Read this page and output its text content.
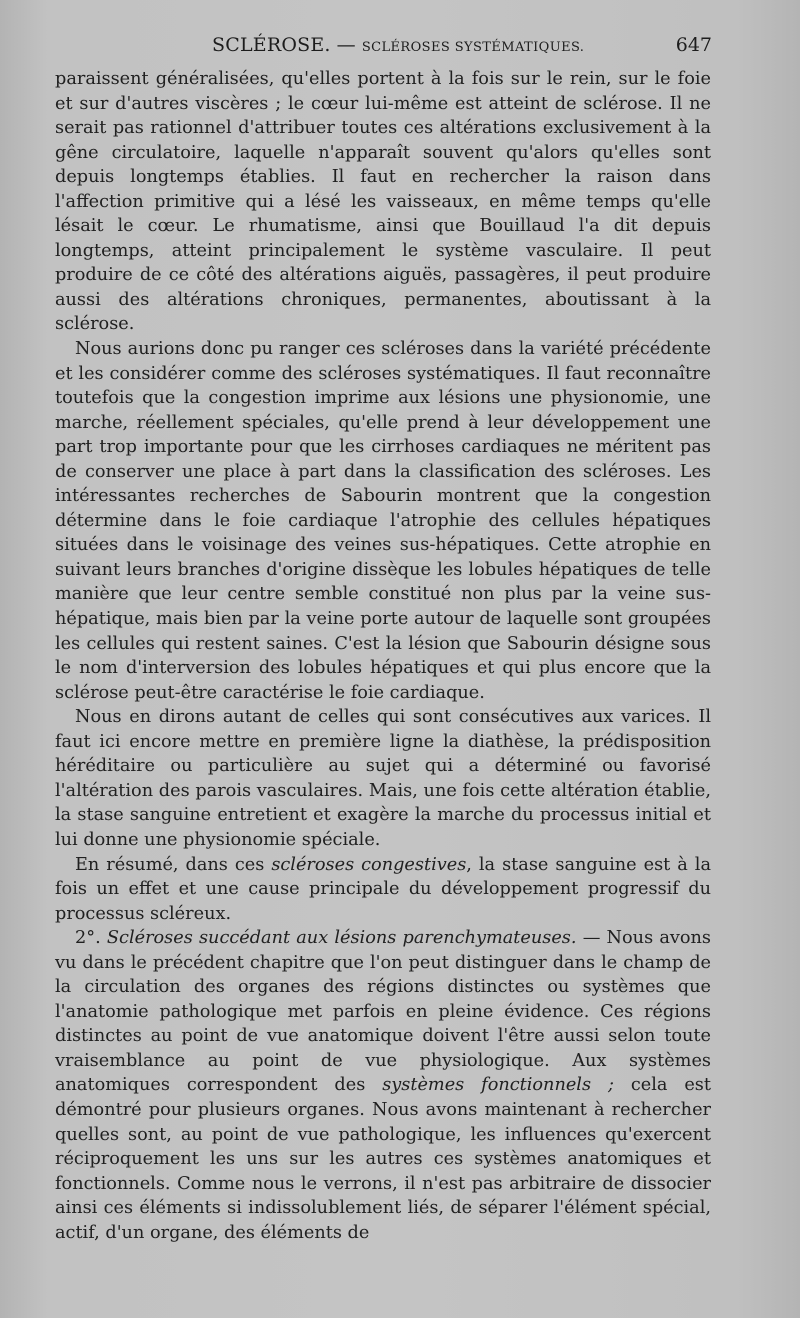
SCLÉROSE. — SCLÉROSES SYSTÉMATIQUES.	647

paraissent généralisées, qu'elles portent à la fois sur le rein, sur le foie et sur d'autres viscères ; le cœur lui-même est atteint de sclérose. Il ne serait pas rationnel d'attribuer toutes ces altérations exclusivement à la gêne circulatoire, laquelle n'apparaît souvent qu'alors qu'elles sont depuis longtemps établies. Il faut en rechercher la raison dans l'affection primitive qui a lésé les vaisseaux, en même temps qu'elle lésait le cœur. Le rhumatisme, ainsi que Bouillaud l'a dit depuis longtemps, atteint principalement le système vasculaire. Il peut produire de ce côté des altérations aiguës, passagères, il peut produire aussi des altérations chroniques, permanentes, aboutissant à la sclérose.

Nous aurions donc pu ranger ces scléroses dans la variété précédente et les considérer comme des scléroses systématiques. Il faut reconnaître toutefois que la congestion imprime aux lésions une physionomie, une marche, réellement spéciales, qu'elle prend à leur développement une part trop importante pour que les cirrhoses cardiaques ne méritent pas de conserver une place à part dans la classification des scléroses. Les intéressantes recherches de Sabourin montrent que la congestion détermine dans le foie cardiaque l'atrophie des cellules hépatiques situées dans le voisinage des veines sus-hépatiques. Cette atrophie en suivant leurs branches d'origine dissèque les lobules hépatiques de telle manière que leur centre semble constitué non plus par la veine sus-hépatique, mais bien par la veine porte autour de laquelle sont groupées les cellules qui restent saines. C'est la lésion que Sabourin désigne sous le nom d'interversion des lobules hépatiques et qui plus encore que la sclérose peut-être caractérise le foie cardiaque.

Nous en dirons autant de celles qui sont consécutives aux varices. Il faut ici encore mettre en première ligne la diathèse, la prédisposition héréditaire ou particulière au sujet qui a déterminé ou favorisé l'altération des parois vasculaires. Mais, une fois cette altération établie, la stase sanguine entretient et exagère la marche du processus initial et lui donne une physionomie spéciale.

En résumé, dans ces scléroses congestives, la stase sanguine est à la fois un effet et une cause principale du développement progressif du processus scléreux.

2°. Scléroses succédant aux lésions parenchymateuses. — Nous avons vu dans le précédent chapitre que l'on peut distinguer dans le champ de la circulation des organes des régions distinctes ou systèmes que l'anatomie pathologique met parfois en pleine évidence. Ces régions distinctes au point de vue anatomique doivent l'être aussi selon toute vraisemblance au point de vue physiologique. Aux systèmes anatomiques correspondent des systèmes fonctionnels ; cela est démontré pour plusieurs organes. Nous avons maintenant à rechercher quelles sont, au point de vue pathologique, les influences qu'exercent réciproquement les uns sur les autres ces systèmes anatomiques et fonctionnels. Comme nous le verrons, il n'est pas arbitraire de dissocier ainsi ces éléments si indissolublement liés, de séparer l'élément spécial, actif, d'un organe, des éléments de
